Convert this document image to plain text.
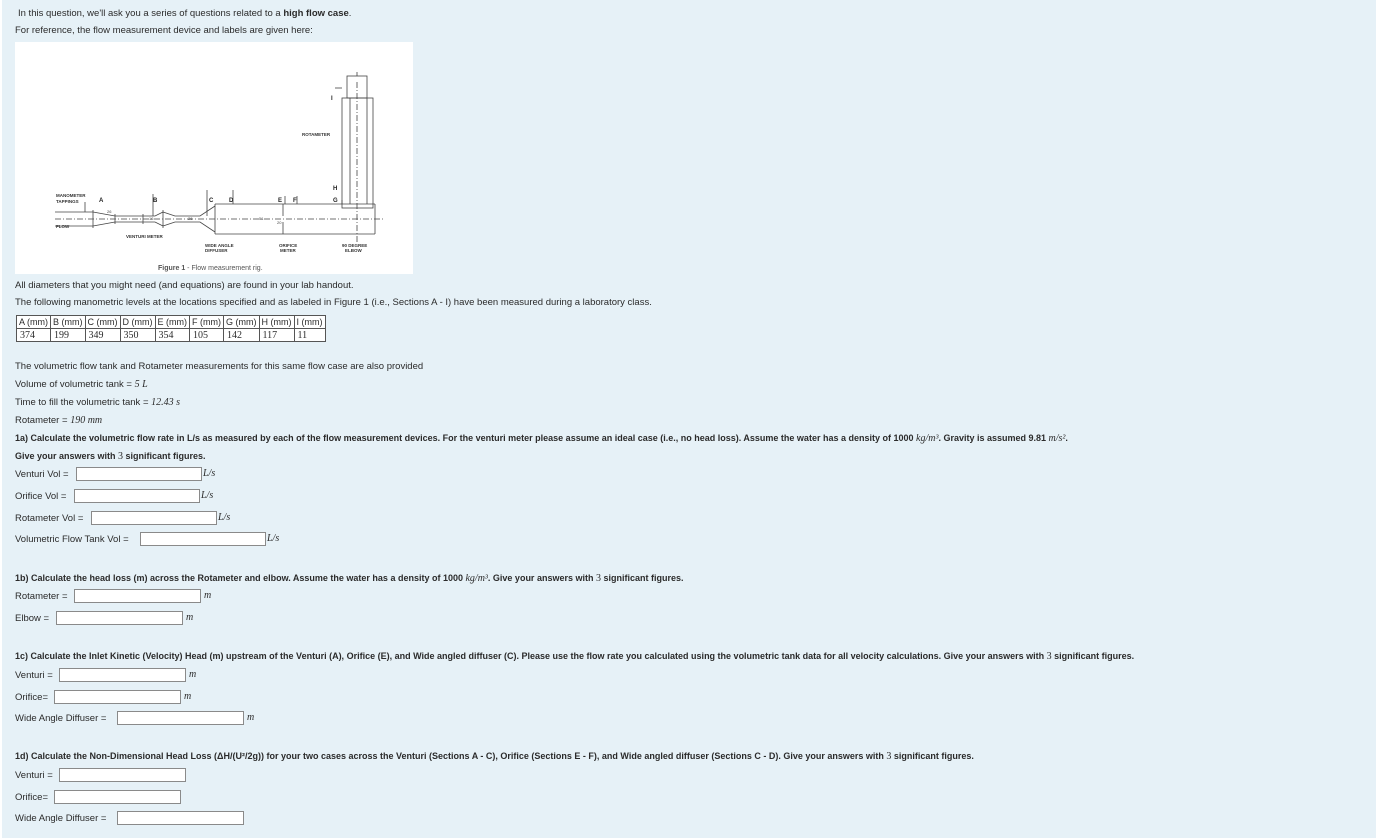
In this question, we'll ask you a series of questions related to a high flow case.
For reference, the flow measurement device and labels are given here:
MANOMETER
TAPPINGS
FLOW
VENTURI METER
WIDE ANGLE
DIFFUSER
ORIFICE
METER
90 DEGREE
ELBOW
ROTAMETER
A	B	C	D	E F	G
H
I
26
16	26	51
20
Figure 1 - Flow measurement rig.
All diameters that you might need (and equations) are found in your lab handout.
The following manometric levels at the locations specified and as labeled in Figure 1 (i.e., Sections A - I) have been measured during a laboratory class.
A (mm)	B (mm)	C (mm)	D (mm)	E (mm)	F (mm)	G (mm)	H (mm)	I (mm)
374	199	349	350	354	105	142	117	11
The volumetric flow tank and Rotameter measurements for this same flow case are also provided
Volume of volumetric tank = 5 L
Time to fill the volumetric tank = 12.43 s
Rotameter = 190 mm
1a) Calculate the volumetric flow rate in L/s as measured by each of the flow measurement devices. For the venturi meter please assume an ideal case (i.e., no head loss). Assume the water has a density of 1000 kg/m³. Gravity is assumed 9.81 m/s².
Give your answers with 3 significant figures.
Venturi Vol =	L/s
Orifice Vol =	L/s
Rotameter Vol =	L/s
Volumetric Flow Tank Vol =	L/s
1b) Calculate the head loss (m) across the Rotameter and elbow. Assume the water has a density of 1000 kg/m³. Give your answers with 3 significant figures.
Rotameter =	m
Elbow =	m
1c) Calculate the Inlet Kinetic (Velocity) Head (m) upstream of the Venturi (A), Orifice (E), and Wide angled diffuser (C). Please use the flow rate you calculated using the volumetric tank data for all velocity calculations. Give your answers with 3 significant figures.
Venturi =	m
Orifice=	m
Wide Angle Diffuser =	m
1d) Calculate the Non-Dimensional Head Loss (ΔH/(U²/2g)) for your two cases across the Venturi (Sections A - C), Orifice (Sections E - F), and Wide angled diffuser (Sections C - D). Give your answers with 3 significant figures.
Venturi =
Orifice=
Wide Angle Diffuser =
